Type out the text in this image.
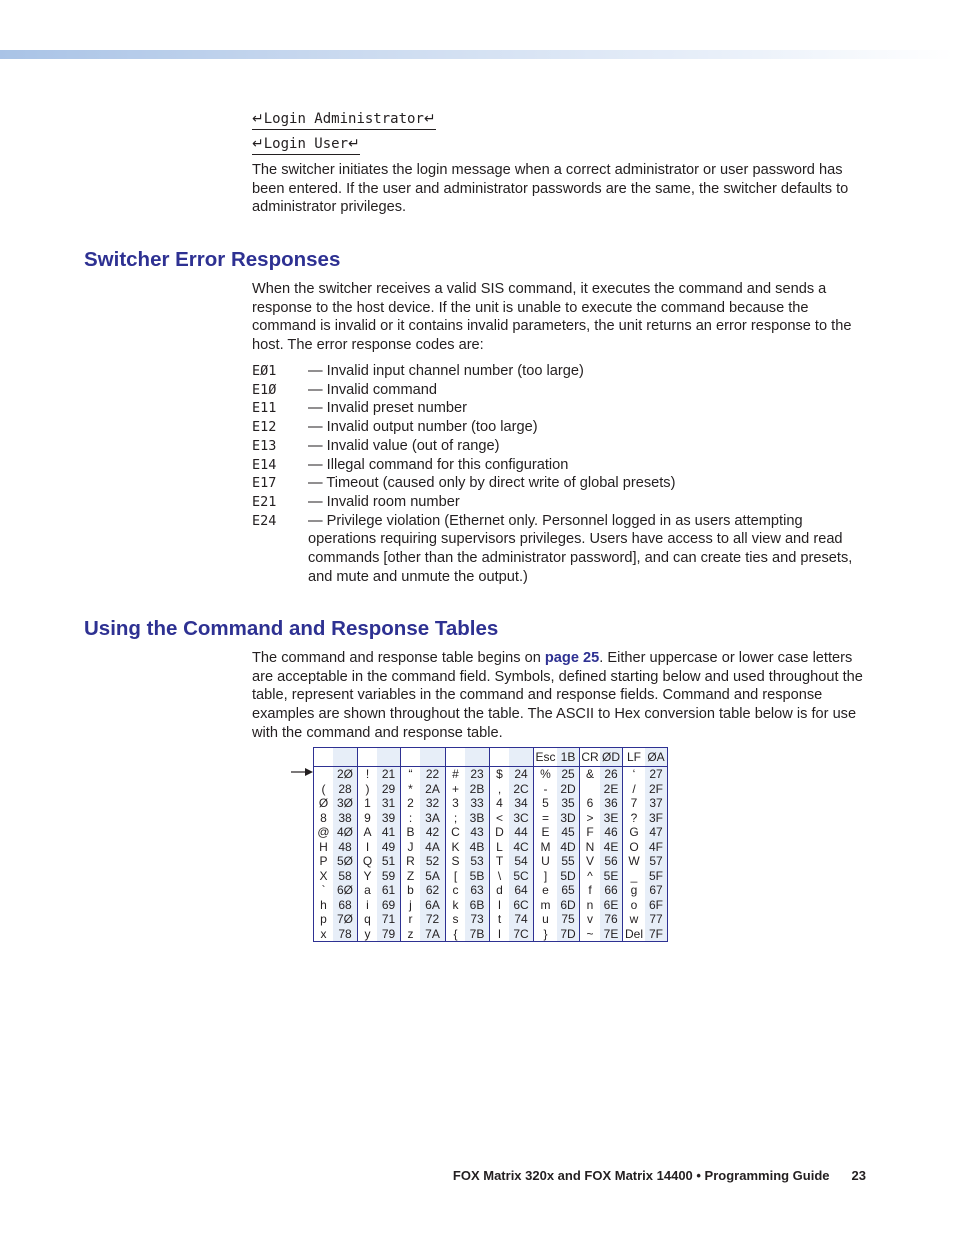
↵Login Administrator↵
↵Login User↵

The switcher initiates the login message when a correct administrator or user password has been entered. If the user and administrator passwords are the same, the switcher defaults to administrator privileges.

Switcher Error Responses

When the switcher receives a valid SIS command, it executes the command and sends a response to the host device. If the unit is unable to execute the command because the command is invalid or it contains invalid parameters, the unit returns an error response to the host. The error response codes are:

EØ1	— Invalid input channel number (too large)
E1Ø	— Invalid command
E11	— Invalid preset number
E12	— Invalid output number (too large)
E13	— Invalid value (out of range)
E14	— Illegal command for this configuration
E17	— Timeout (caused only by direct write of global presets)
E21	— Invalid room number
E24	— Privilege violation (Ethernet only. Personnel logged in as users attempting operations requiring supervisors privileges. Users have access to all view and read commands [other than the administrator password], and can create ties and presets, and mute and unmute the output.)
Using the Command and Response Tables

The command and response table begins on page 25. Either uppercase or lower case letters are acceptable in the command field. Symbols, defined starting below and used throughout the table, represent variables in the command and response fields. Command and response examples are shown throughout the table. The ASCII to Hex conversion table below is for use with the command and response table.

										Esc	1B	CR	ØD	LF	ØA
	2Ø	!	21	“	22	#	23	$	24	%	25	&	26	‘	27
(	28	)	29	*	2A	+	2B	,	2C	-	2D		2E	/	2F
Ø	3Ø	1	31	2	32	3	33	4	34	5	35	6	36	7	37
8	38	9	39	:	3A	;	3B	<	3C	=	3D	>	3E	?	3F
@	4Ø	A	41	B	42	C	43	D	44	E	45	F	46	G	47
H	48	I	49	J	4A	K	4B	L	4C	M	4D	N	4E	O	4F
P	5Ø	Q	51	R	52	S	53	T	54	U	55	V	56	W	57
X	58	Y	59	Z	5A	[	5B	\	5C	]	5D	^	5E	_	5F
`	6Ø	a	61	b	62	c	63	d	64	e	65	f	66	g	67
h	68	i	69	j	6A	k	6B	l	6C	m	6D	n	6E	o	6F
p	7Ø	q	71	r	72	s	73	t	74	u	75	v	76	w	77
x	78	y	79	z	7A	{	7B	l	7C	}	7D	~	7E	Del	7F
FOX Matrix 320x and FOX Matrix 14400 • Programming Guide 23
